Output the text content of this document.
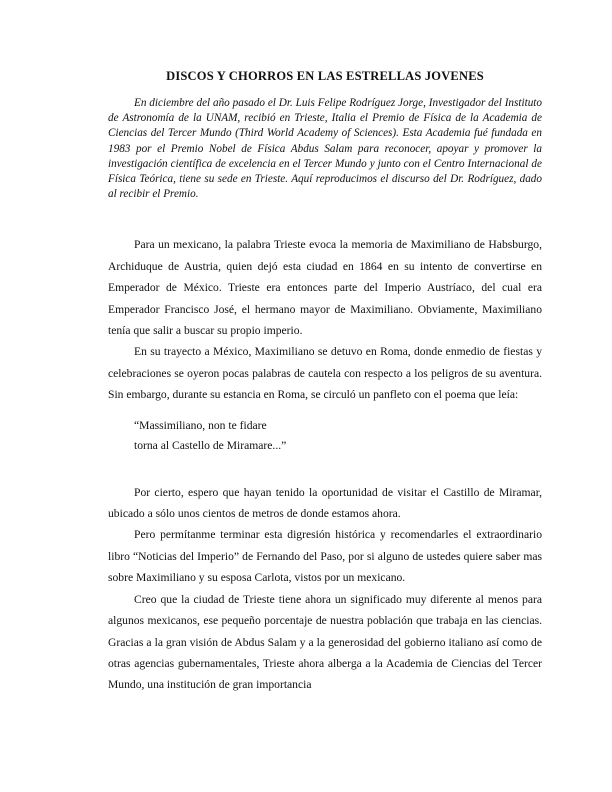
DISCOS Y CHORROS EN LAS ESTRELLAS JOVENES

En diciembre del año pasado el Dr. Luis Felipe Rodríguez Jorge, Investigador del Instituto de Astronomía de la UNAM, recibió en Trieste, Italia el Premio de Física de la Academia de Ciencias del Tercer Mundo (Third World Academy of Sciences). Esta Academia fué fundada en 1983 por el Premio Nobel de Física Abdus Salam para reconocer, apoyar y promover la investigación científica de excelencia en el Tercer Mundo y junto con el Centro Internacional de Física Teórica, tiene su sede en Trieste. Aquí reproducimos el discurso del Dr. Rodríguez, dado al recibir el Premio.

Para un mexicano, la palabra Trieste evoca la memoria de Maximiliano de Habsburgo, Archiduque de Austria, quien dejó esta ciudad en 1864 en su intento de convertirse en Emperador de México. Trieste era entonces parte del Imperio Austríaco, del cual era Emperador Francisco José, el hermano mayor de Maximiliano. Obviamente, Maximiliano tenía que salir a buscar su propio imperio.

En su trayecto a México, Maximiliano se detuvo en Roma, donde enmedio de fiestas y celebraciones se oyeron pocas palabras de cautela con respecto a los peligros de su aventura. Sin embargo, durante su estancia en Roma, se circuló un panfleto con el poema que leía:

“Massimiliano, non te fidare
torna al Castello de Miramare...”

Por cierto, espero que hayan tenido la oportunidad de visitar el Castillo de Miramar, ubicado a sólo unos cientos de metros de donde estamos ahora.

Pero permítanme terminar esta digresión histórica y recomendarles el extraordinario libro “Noticias del Imperio” de Fernando del Paso, por si alguno de ustedes quiere saber mas sobre Maximiliano y su esposa Carlota, vistos por un mexicano.

Creo que la ciudad de Trieste tiene ahora un significado muy diferente al menos para algunos mexicanos, ese pequeño porcentaje de nuestra población que trabaja en las ciencias. Gracias a la gran visión de Abdus Salam y a la generosidad del gobierno italiano así como de otras agencias gubernamentales, Trieste ahora alberga a la Academia de Ciencias del Tercer Mundo, una institución de gran importancia
